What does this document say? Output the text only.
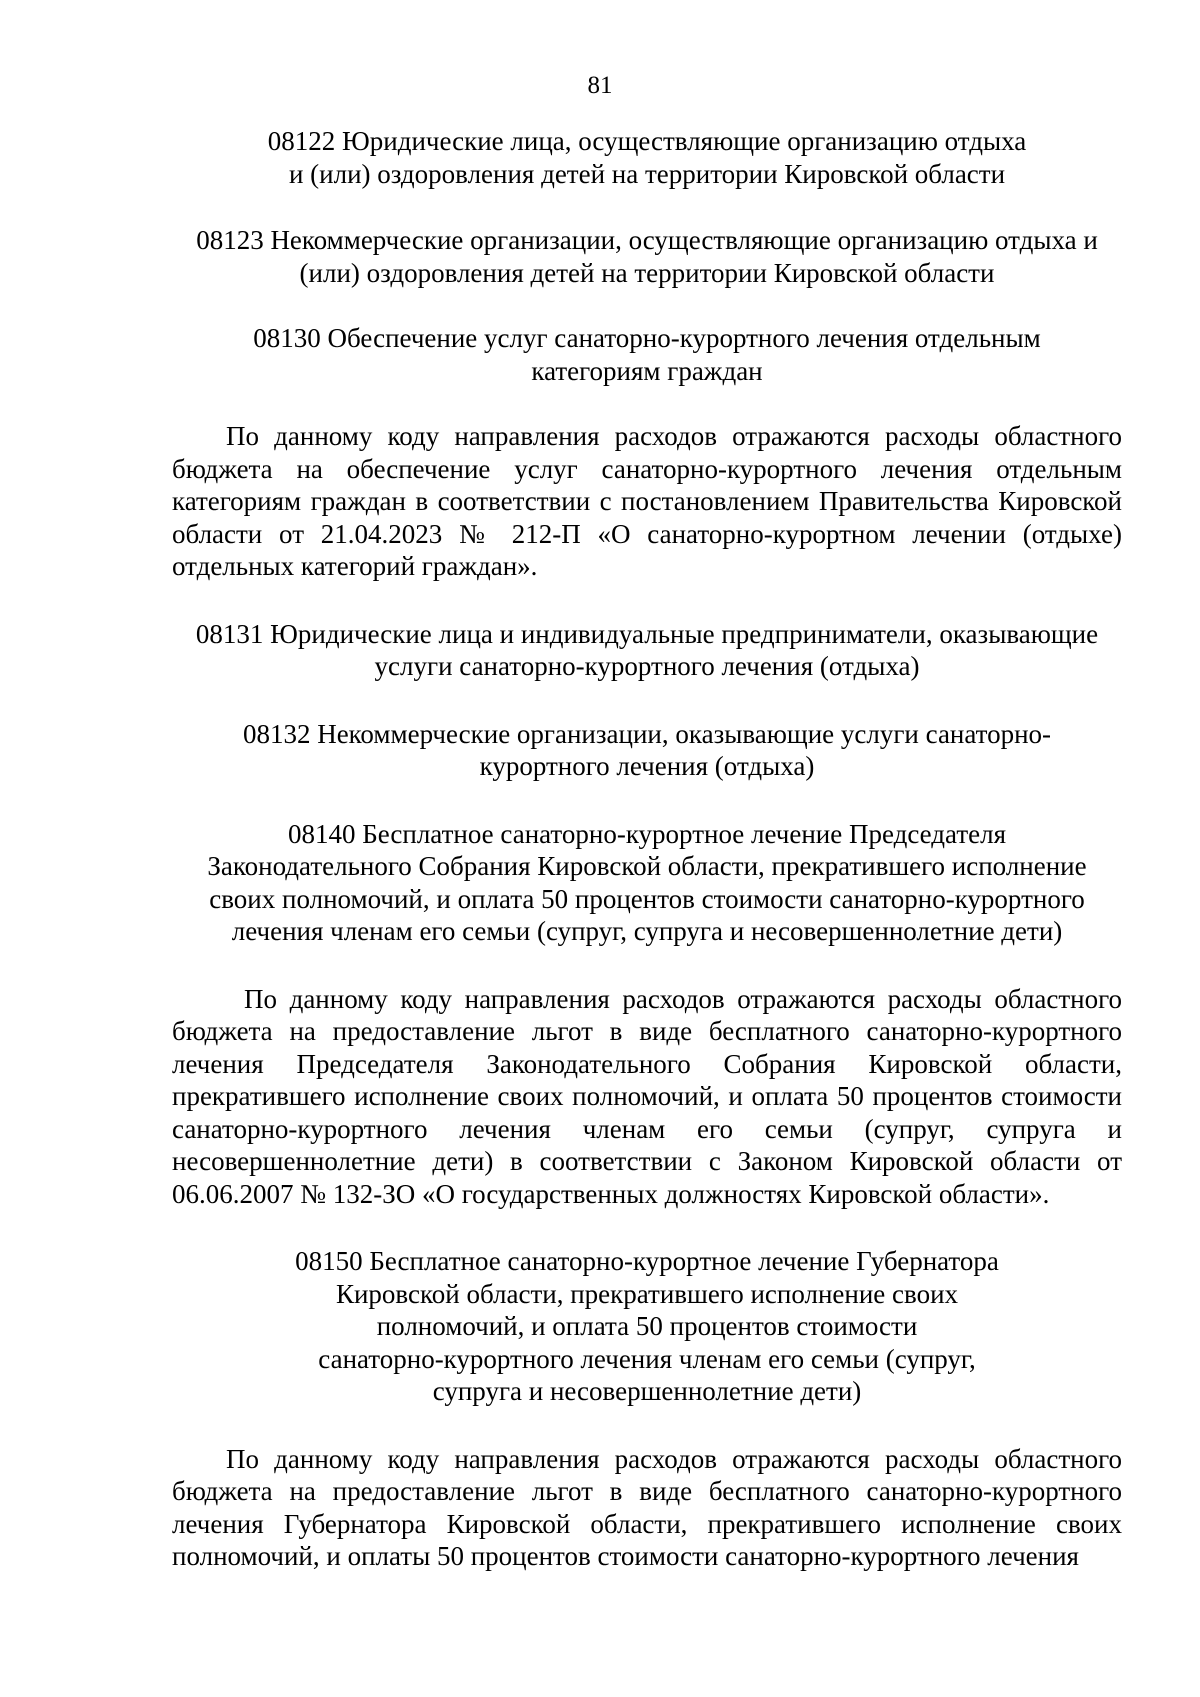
81
08122 Юридические лица, осуществляющие организацию отдыха
и (или) оздоровления детей на территории Кировской области
08123 Некоммерческие организации, осуществляющие организацию отдыха и
(или) оздоровления детей на территории Кировской области
08130 Обеспечение услуг санаторно-курортного лечения отдельным
категориям граждан

По данному коду направления расходов отражаются расходы областного бюджета на обеспечение услуг санаторно-курортного лечения отдельным категориям граждан в соответствии с постановлением Правительства Кировской области от 21.04.2023 № 212-П «О санаторно-курортном лечении (отдыхе) отдельных категорий граждан».

08131 Юридические лица и индивидуальные предприниматели, оказывающие
услуги санаторно-курортного лечения (отдыха)
08132 Некоммерческие организации, оказывающие услуги санаторно-
курортного лечения (отдыха)
08140 Бесплатное санаторно-курортное лечение Председателя
Законодательного Собрания Кировской области, прекратившего исполнение
своих полномочий, и оплата 50 процентов стоимости санаторно-курортного
лечения членам его семьи (супруг, супруга и несовершеннолетние дети)

По данному коду направления расходов отражаются расходы областного бюджета на предоставление льгот в виде бесплатного санаторно-курортного лечения Председателя Законодательного Собрания Кировской области, прекратившего исполнение своих полномочий, и оплата 50 процентов стоимости санаторно-курортного лечения членам его семьи (супруг, супруга и несовершеннолетние дети) в соответствии с Законом Кировской области от 06.06.2007 № 132-ЗО «О государственных должностях Кировской области».

08150 Бесплатное санаторно-курортное лечение Губернатора
Кировской области, прекратившего исполнение своих
полномочий, и оплата 50 процентов стоимости
санаторно-курортного лечения членам его семьи (супруг,
супруга и несовершеннолетние дети)

По данному коду направления расходов отражаются расходы областного бюджета на предоставление льгот в виде бесплатного санаторно-курортного лечения Губернатора Кировской области, прекратившего исполнение своих полномочий, и оплаты 50 процентов стоимости санаторно-курортного лечения
